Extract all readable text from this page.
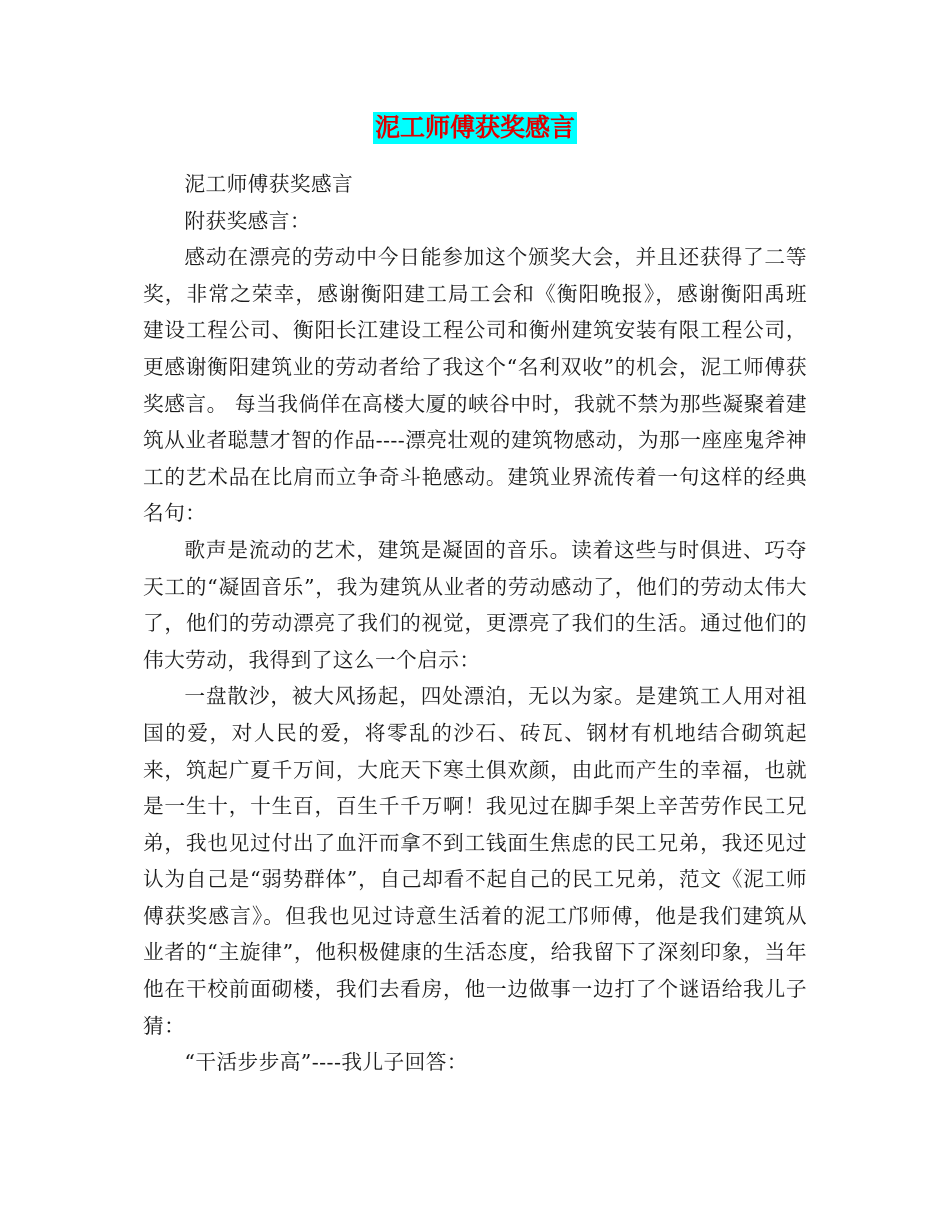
泥工师傅获奖感言

泥工师傅获奖感言

附获奖感言：

感动在漂亮的劳动中今日能参加这个颁奖大会，并且还获得了二等奖，非常之荣幸，感谢衡阳建工局工会和《衡阳晚报》，感谢衡阳禹班建设工程公司、衡阳长江建设工程公司和衡州建筑安装有限工程公司，更感谢衡阳建筑业的劳动者给了我这个“名利双收”的机会，泥工师傅获奖感言。 每当我倘佯在高楼大厦的峡谷中时，我就不禁为那些凝聚着建筑从业者聪慧才智的作品----漂亮壮观的建筑物感动，为那一座座鬼斧神工的艺术品在比肩而立争奇斗艳感动。建筑业界流传着一句这样的经典名句：

歌声是流动的艺术，建筑是凝固的音乐。读着这些与时俱进、巧夺天工的“凝固音乐”，我为建筑从业者的劳动感动了，他们的劳动太伟大了，他们的劳动漂亮了我们的视觉，更漂亮了我们的生活。通过他们的伟大劳动，我得到了这么一个启示：

一盘散沙，被大风扬起，四处漂泊，无以为家。是建筑工人用对祖国的爱，对人民的爱，将零乱的沙石、砖瓦、钢材有机地结合砌筑起来，筑起广夏千万间，大庇天下寒土俱欢颜，由此而产生的幸福，也就是一生十，十生百，百生千千万啊！我见过在脚手架上辛苦劳作民工兄弟，我也见过付出了血汗而拿不到工钱面生焦虑的民工兄弟，我还见过认为自己是“弱势群体”，自己却看不起自己的民工兄弟，范文《泥工师傅获奖感言》。但我也见过诗意生活着的泥工邝师傅，他是我们建筑从业者的“主旋律”，他积极健康的生活态度，给我留下了深刻印象，当年他在干校前面砌楼，我们去看房，他一边做事一边打了个谜语给我儿子猜：

“干活步步高”----我儿子回答：
